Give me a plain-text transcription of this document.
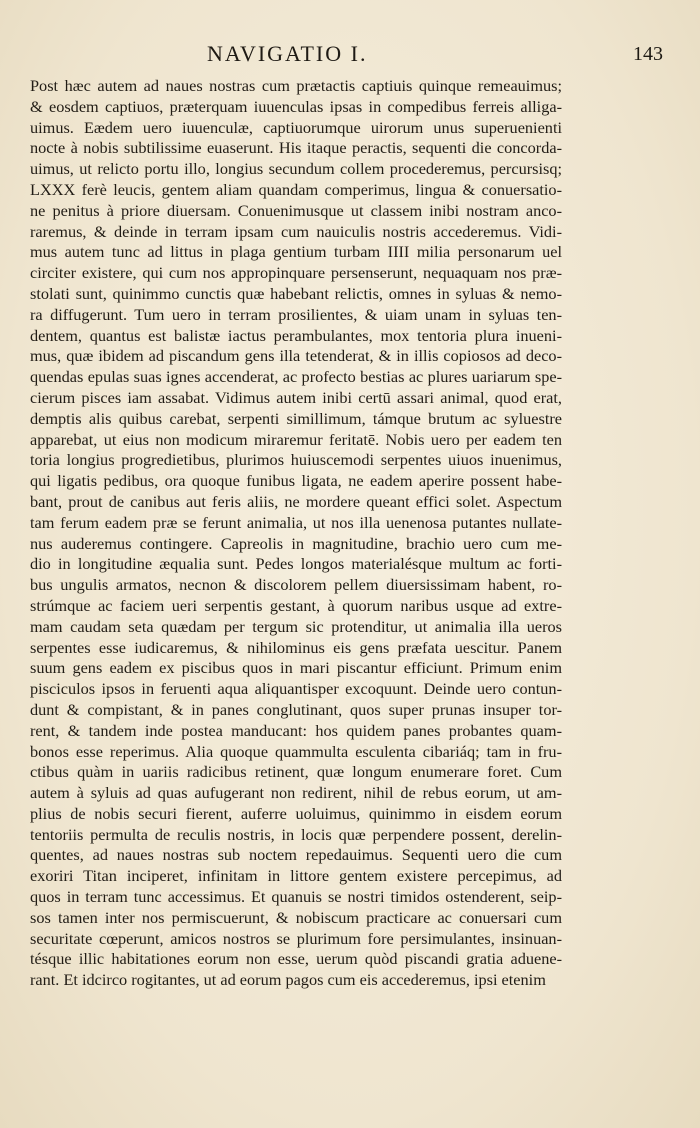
NAVIGATIO I.	143
Post hæc autem ad naues nostras cum prætactis captiuis quinque remeauimus;
& eosdem captiuos, præterquam iuuenculas ipsas in compedibus ferreis alliga-
uimus. Eædem uero iuuenculæ, captiuorumque uirorum unus superuenienti
nocte à nobis subtilissime euaserunt. His itaque peractis, sequenti die concorda-
uimus, ut relicto portu illo, longius secundum collem procederemus, percursisq;
LXXX ferè leucis, gentem aliam quandam comperimus, lingua & conuersatio-
ne penitus à priore diuersam. Conuenimusque ut classem inibi nostram anco-
raremus, & deinde in terram ipsam cum nauiculis nostris accederemus. Vidi-
mus autem tunc ad littus in plaga gentium turbam IIII milia personarum uel
circiter existere, qui cum nos appropinquare persenserunt, nequaquam nos præ-
stolati sunt, quinimmo cunctis quæ habebant relictis, omnes in syluas & nemo-
ra diffugerunt. Tum uero in terram prosilientes, & uiam unam in syluas ten-
dentem, quantus est balistæ iactus perambulantes, mox tentoria plura inueni-
mus, quæ ibidem ad piscandum gens illa tetenderat, & in illis copiosos ad deco-
quendas epulas suas ignes accenderat, ac profecto bestias ac plures uariarum spe-
cierum pisces iam assabat. Vidimus autem inibi certū assari animal, quod erat,
demptis alis quibus carebat, serpenti simillimum, támque brutum ac syluestre
apparebat, ut eius non modicum miraremur feritatē. Nobis uero per eadem ten
toria longius progredietibus, plurimos huiuscemodi serpentes uiuos inuenimus,
qui ligatis pedibus, ora quoque funibus ligata, ne eadem aperire possent habe-
bant, prout de canibus aut feris aliis, ne mordere queant effici solet. Aspectum
tam ferum eadem præ se ferunt animalia, ut nos illa uenenosa putantes nullate-
nus auderemus contingere. Capreolis in magnitudine, brachio uero cum me-
dio in longitudine æqualia sunt. Pedes longos materialésque multum ac forti-
bus ungulis armatos, necnon & discolorem pellem diuersissimam habent, ro-
strúmque ac faciem ueri serpentis gestant, à quorum naribus usque ad extre-
mam caudam seta quædam per tergum sic protenditur, ut animalia illa ueros
serpentes esse iudicaremus, & nihilominus eis gens præfata uescitur. Panem
suum gens eadem ex piscibus quos in mari piscantur efficiunt. Primum enim
pisciculos ipsos in feruenti aqua aliquantisper excoquunt. Deinde uero contun-
dunt & compistant, & in panes conglutinant, quos super prunas insuper tor-
rent, & tandem inde postea manducant: hos quidem panes probantes quam-
bonos esse reperimus. Alia quoque quammulta esculenta cibariáq; tam in fru-
ctibus quàm in uariis radicibus retinent, quæ longum enumerare foret. Cum
autem à syluis ad quas aufugerant non redirent, nihil de rebus eorum, ut am-
plius de nobis securi fierent, auferre uoluimus, quinimmo in eisdem eorum
tentoriis permulta de reculis nostris, in locis quæ perpendere possent, derelin-
quentes, ad naues nostras sub noctem repedauimus. Sequenti uero die cum
exoriri Titan inciperet, infinitam in littore gentem existere percepimus, ad
quos in terram tunc accessimus. Et quanuis se nostri timidos ostenderent, seip-
sos tamen inter nos permiscuerunt, & nobiscum practicare ac conuersari cum
securitate cœperunt, amicos nostros se plurimum fore persimulantes, insinuan-
tésque illic habitationes eorum non esse, uerum quòd piscandi gratia aduene-
rant. Et idcirco rogitantes, ut ad eorum pagos cum eis accederemus, ipsi etenim
